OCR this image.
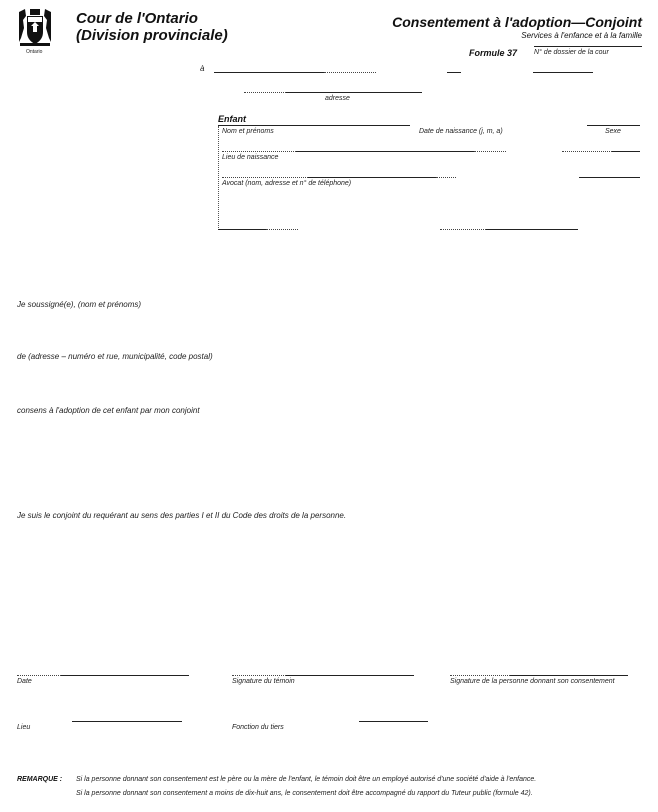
Ontario
Cour de l'Ontario
(Division provinciale)
Consentement à l'adoption—Conjoint
Services à l'enfance et à la famille
Formule 37 N° de dossier de la cour
à
adresse
Enfant
Nom et prénoms	Date de naissance (j, m, a)	Sexe
Lieu de naissance
Avocat (nom, adresse et n° de téléphone)
Je soussigné(e), (nom et prénoms)
de (adresse – numéro et rue, municipalité, code postal)
consens à l'adoption de cet enfant par mon conjoint
Je suis le conjoint du requérant au sens des parties I et II du Code des droits de la personne.
Date	Signature du témoin	Signature de la personne donnant son consentement
Lieu	Fonction du tiers
REMARQUE : Si la personne donnant son consentement est le père ou la mère de l'enfant, le témoin doit être un employé autorisé d'une société d'aide à l'enfance.
Si la personne donnant son consentement a moins de dix-huit ans, le consentement doit être accompagné du rapport du Tuteur public (formule 42).
